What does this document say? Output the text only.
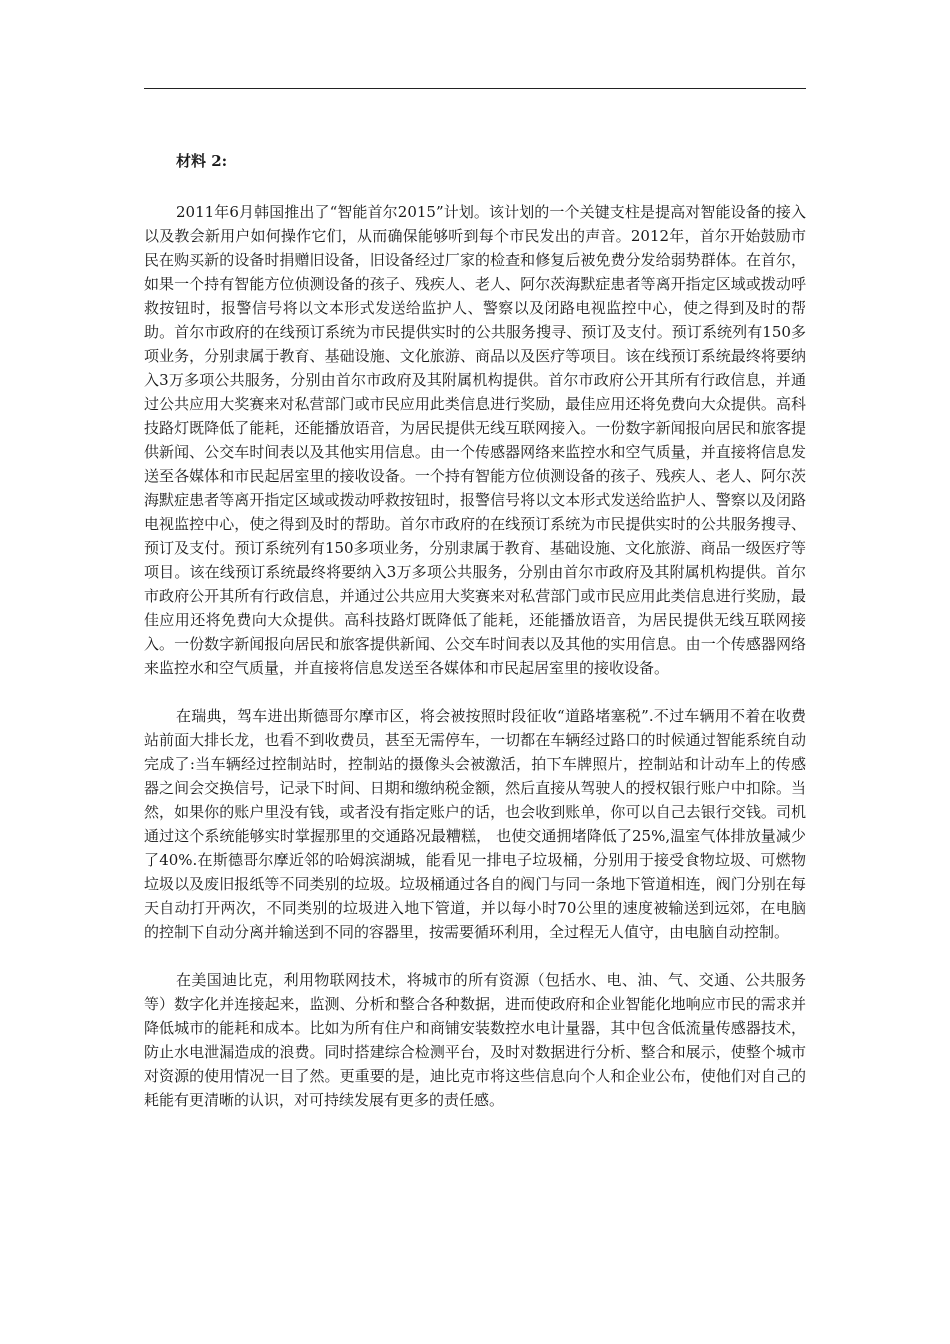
材料 2:

2011年6月韩国推出了“智能首尔2015”计划。该计划的一个关键支柱是提高对智能设备的接入以及教会新用户如何操作它们，从而确保能够听到每个市民发出的声音。2012年，首尔开始鼓励市民在购买新的设备时捐赠旧设备，旧设备经过厂家的检查和修复后被免费分发给弱势群体。在首尔，如果一个持有智能方位侦测设备的孩子、残疾人、老人、阿尔茨海默症患者等离开指定区域或拨动呼救按钮时，报警信号将以文本形式发送给监护人、警察以及闭路电视监控中心，使之得到及时的帮助。首尔市政府的在线预订系统为市民提供实时的公共服务搜寻、预订及支付。预订系统列有150多项业务，分别隶属于教育、基础设施、文化旅游、商品以及医疗等项目。该在线预订系统最终将要纳入3万多项公共服务，分别由首尔市政府及其附属机构提供。首尔市政府公开其所有行政信息，并通过公共应用大奖赛来对私营部门或市民应用此类信息进行奖励，最佳应用还将免费向大众提供。高科技路灯既降低了能耗，还能播放语音，为居民提供无线互联网接入。一份数字新闻报向居民和旅客提供新闻、公交车时间表以及其他实用信息。由一个传感器网络来监控水和空气质量，并直接将信息发送至各媒体和市民起居室里的接收设备。一个持有智能方位侦测设备的孩子、残疾人、老人、阿尔茨海默症患者等离开指定区域或拨动呼救按钮时，报警信号将以文本形式发送给监护人、警察以及闭路电视监控中心，使之得到及时的帮助。首尔市政府的在线预订系统为市民提供实时的公共服务搜寻、预订及支付。预订系统列有150多项业务，分别隶属于教育、基础设施、文化旅游、商品一级医疗等项目。该在线预订系统最终将要纳入3万多项公共服务，分别由首尔市政府及其附属机构提供。首尔市政府公开其所有行政信息，并通过公共应用大奖赛来对私营部门或市民应用此类信息进行奖励，最佳应用还将免费向大众提供。高科技路灯既降低了能耗，还能播放语音，为居民提供无线互联网接入。一份数字新闻报向居民和旅客提供新闻、公交车时间表以及其他的实用信息。由一个传感器网络来监控水和空气质量，并直接将信息发送至各媒体和市民起居室里的接收设备。

在瑞典，驾车进出斯德哥尔摩市区，将会被按照时段征收“道路堵塞税”.不过车辆用不着在收费站前面大排长龙，也看不到收费员，甚至无需停车，一切都在车辆经过路口的时候通过智能系统自动完成了:当车辆经过控制站时，控制站的摄像头会被激活，拍下车牌照片，控制站和计动车上的传感器之间会交换信号，记录下时间、日期和缴纳税金额，然后直接从驾驶人的授权银行账户中扣除。当然，如果你的账户里没有钱，或者没有指定账户的话，也会收到账单，你可以自己去银行交钱。司机通过这个系统能够实时掌握那里的交通路况最糟糕， 也使交通拥堵降低了25%,温室气体排放量减少了40%.在斯德哥尔摩近邻的哈姆滨湖城，能看见一排电子垃圾桶，分别用于接受食物垃圾、可燃物垃圾以及废旧报纸等不同类别的垃圾。垃圾桶通过各自的阀门与同一条地下管道相连，阀门分别在每天自动打开两次，不同类别的垃圾进入地下管道，并以每小时70公里的速度被输送到远郊，在电脑的控制下自动分离并输送到不同的容器里，按需要循环利用，全过程无人值守，由电脑自动控制。

在美国迪比克，利用物联网技术，将城市的所有资源（包括水、电、油、气、交通、公共服务等）数字化并连接起来，监测、分析和整合各种数据，进而使政府和企业智能化地响应市民的需求并降低城市的能耗和成本。比如为所有住户和商铺安装数控水电计量器，其中包含低流量传感器技术，防止水电泄漏造成的浪费。同时搭建综合检测平台，及时对数据进行分析、整合和展示，使整个城市对资源的使用情况一目了然。更重要的是，迪比克市将这些信息向个人和企业公布，使他们对自己的耗能有更清晰的认识，对可持续发展有更多的责任感。
